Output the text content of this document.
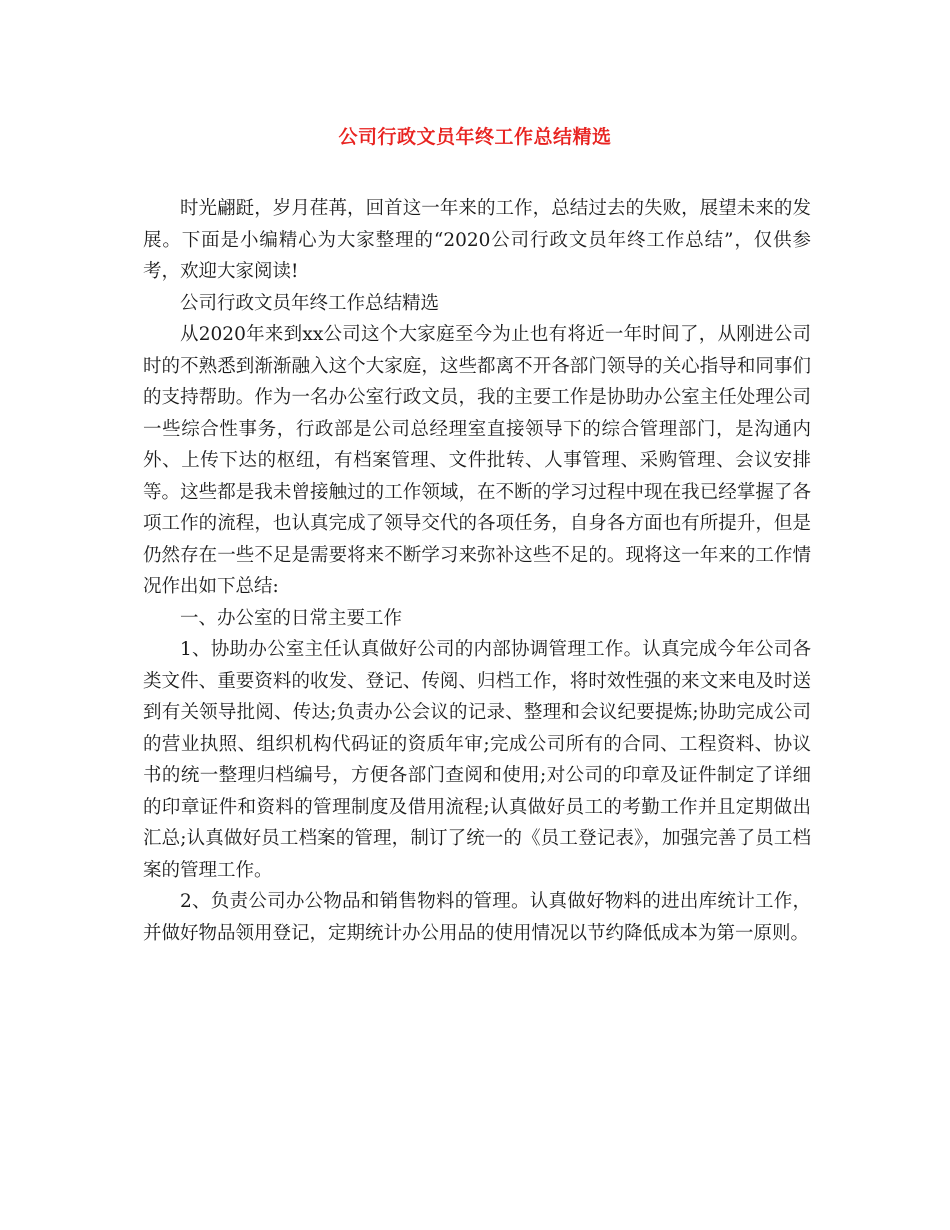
公司行政文员年终工作总结精选

时光翩跹，岁月荏苒，回首这一年来的工作，总结过去的失败，展望未来的发展。下面是小编精心为大家整理的“2020公司行政文员年终工作总结”，仅供参考，欢迎大家阅读!

公司行政文员年终工作总结精选

从2020年来到xx公司这个大家庭至今为止也有将近一年时间了，从刚进公司时的不熟悉到渐渐融入这个大家庭，这些都离不开各部门领导的关心指导和同事们的支持帮助。作为一名办公室行政文员，我的主要工作是协助办公室主任处理公司一些综合性事务，行政部是公司总经理室直接领导下的综合管理部门，是沟通内外、上传下达的枢纽，有档案管理、文件批转、人事管理、采购管理、会议安排等。这些都是我未曾接触过的工作领域，在不断的学习过程中现在我已经掌握了各项工作的流程，也认真完成了领导交代的各项任务，自身各方面也有所提升，但是仍然存在一些不足是需要将来不断学习来弥补这些不足的。现将这一年来的工作情况作出如下总结:

一、办公室的日常主要工作

1、协助办公室主任认真做好公司的内部协调管理工作。认真完成今年公司各类文件、重要资料的收发、登记、传阅、归档工作，将时效性强的来文来电及时送到有关领导批阅、传达;负责办公会议的记录、整理和会议纪要提炼;协助完成公司的营业执照、组织机构代码证的资质年审;完成公司所有的合同、工程资料、协议书的统一整理归档编号，方便各部门查阅和使用;对公司的印章及证件制定了详细的印章证件和资料的管理制度及借用流程;认真做好员工的考勤工作并且定期做出汇总;认真做好员工档案的管理，制订了统一的《员工登记表》，加强完善了员工档案的管理工作。

2、负责公司办公物品和销售物料的管理。认真做好物料的进出库统计工作，并做好物品领用登记，定期统计办公用品的使用情况以节约降低成本为第一原则。
